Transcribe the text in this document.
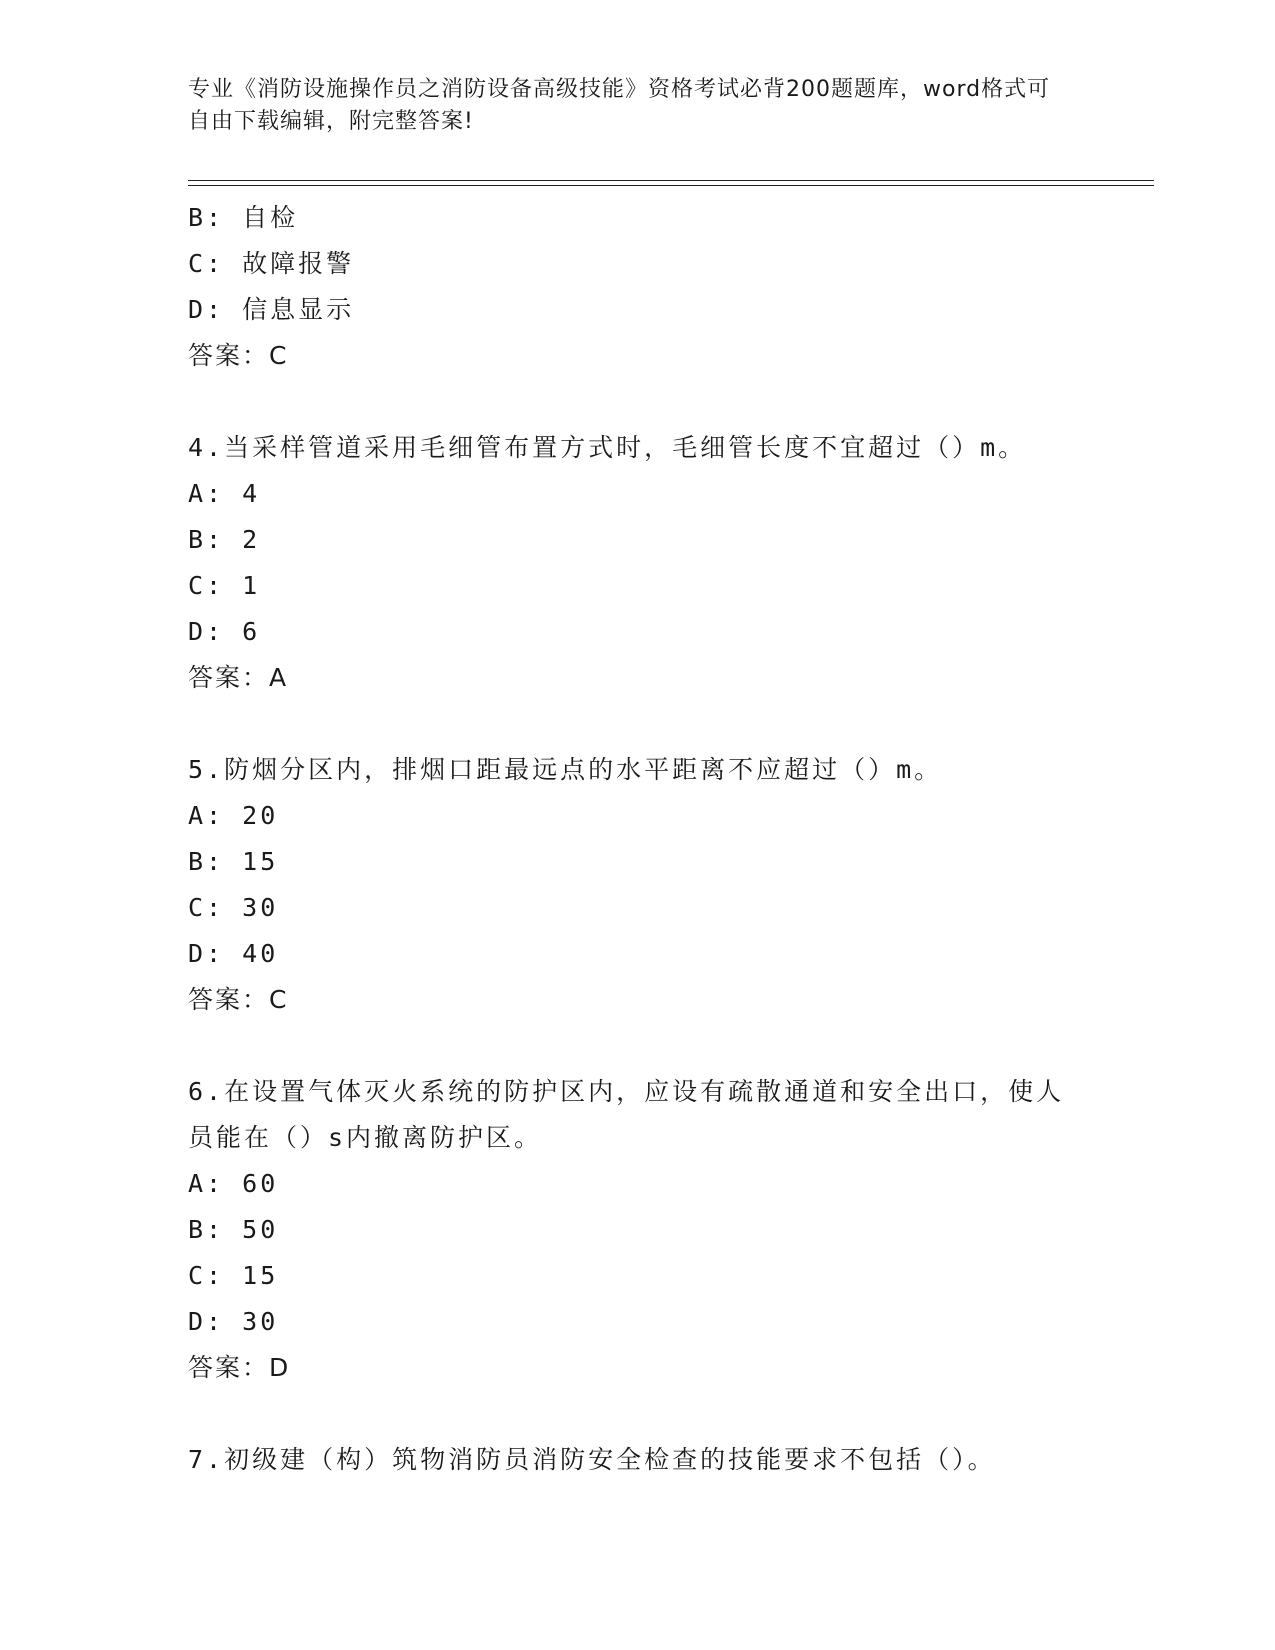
专业《消防设施操作员之消防设备高级技能》资格考试必背200题题库，word格式可自由下载编辑，附完整答案!
B: 自检
C: 故障报警
D: 信息显示
答案：C
4.当采样管道采用毛细管布置方式时，毛细管长度不宜超过（）m。
A: 4
B: 2
C: 1
D: 6
答案：A
5.防烟分区内，排烟口距最远点的水平距离不应超过（）m。
A: 20
B: 15
C: 30
D: 40
答案：C
6.在设置气体灭火系统的防护区内，应设有疏散通道和安全出口，使人员能在（）s内撤离防护区。
A: 60
B: 50
C: 15
D: 30
答案：D
7.初级建（构）筑物消防员消防安全检查的技能要求不包括（）。
